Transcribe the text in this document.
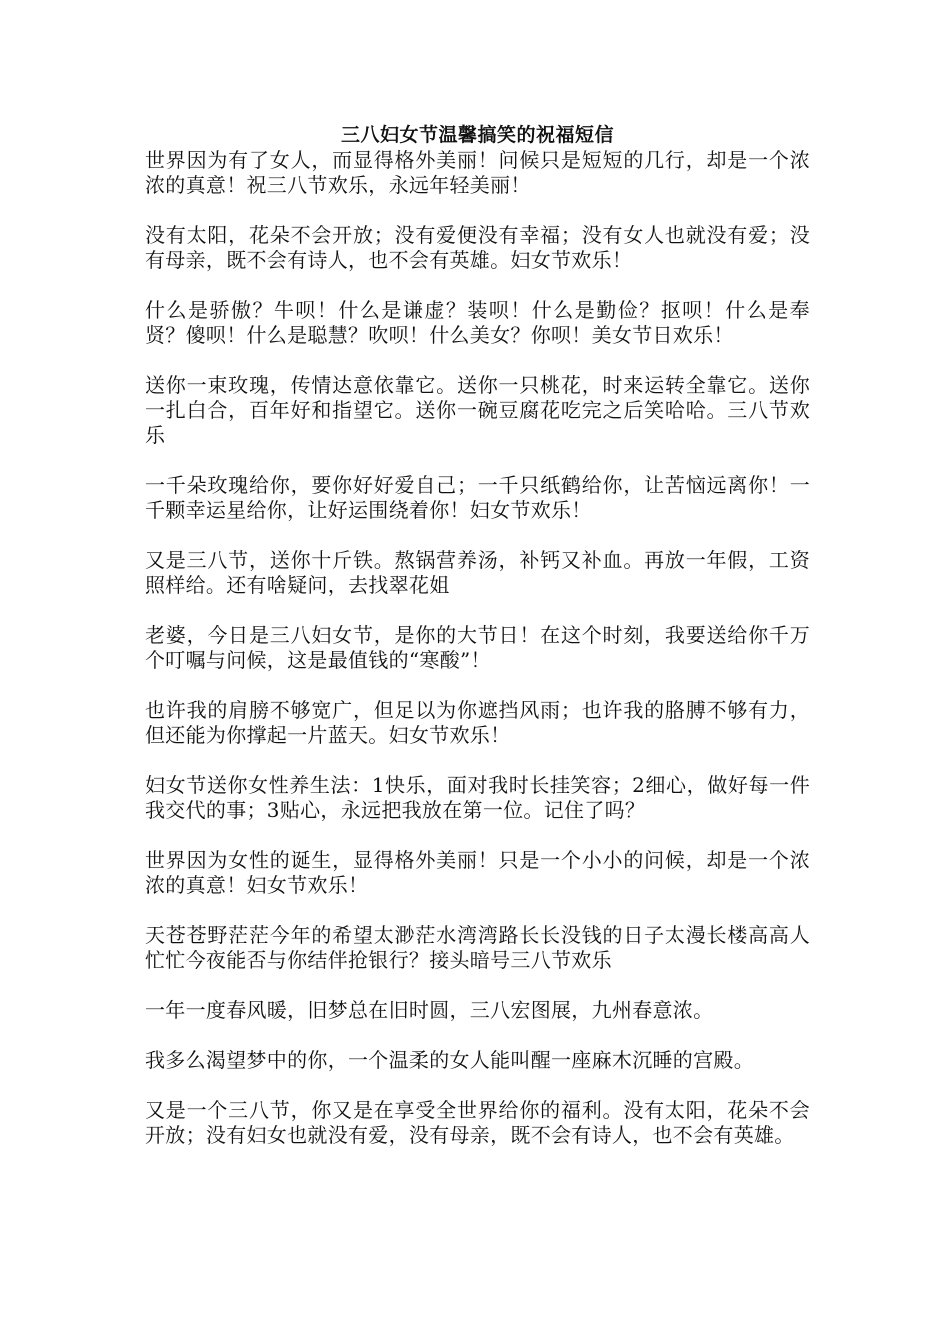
三八妇女节温馨搞笑的祝福短信

世界因为有了女人，而显得格外美丽！问候只是短短的几行，却是一个浓浓的真意！祝三八节欢乐，永远年轻美丽！

没有太阳，花朵不会开放；没有爱便没有幸福；没有女人也就没有爱；没有母亲，既不会有诗人，也不会有英雄。妇女节欢乐！

什么是骄傲？牛呗！什么是谦虚？装呗！什么是勤俭？抠呗！什么是奉贤？傻呗！什么是聪慧？吹呗！什么美女？你呗！美女节日欢乐！

送你一束玫瑰，传情达意依靠它。送你一只桃花，时来运转全靠它。送你一扎白合，百年好和指望它。送你一碗豆腐花吃完之后笑哈哈。三八节欢乐

一千朵玫瑰给你，要你好好爱自己；一千只纸鹤给你，让苦恼远离你！一千颗幸运星给你，让好运围绕着你！妇女节欢乐！

又是三八节，送你十斤铁。熬锅营养汤，补钙又补血。再放一年假，工资照样给。还有啥疑问，去找翠花姐

老婆，今日是三八妇女节，是你的大节日！在这个时刻，我要送给你千万个叮嘱与问候，这是最值钱的“寒酸”！

也许我的肩膀不够宽广，但足以为你遮挡风雨；也许我的胳膊不够有力，但还能为你撑起一片蓝天。妇女节欢乐！

妇女节送你女性养生法：1快乐，面对我时长挂笑容；2细心，做好每一件我交代的事；3贴心，永远把我放在第一位。记住了吗？

世界因为女性的诞生，显得格外美丽！只是一个小小的问候，却是一个浓浓的真意！妇女节欢乐！

天苍苍野茫茫今年的希望太渺茫水湾湾路长长没钱的日子太漫长楼高高人忙忙今夜能否与你结伴抢银行？接头暗号三八节欢乐

一年一度春风暖，旧梦总在旧时圆，三八宏图展，九州春意浓。

我多么渴望梦中的你，一个温柔的女人能叫醒一座麻木沉睡的宫殿。

又是一个三八节，你又是在享受全世界给你的福利。没有太阳，花朵不会开放；没有妇女也就没有爱，没有母亲，既不会有诗人，也不会有英雄。
